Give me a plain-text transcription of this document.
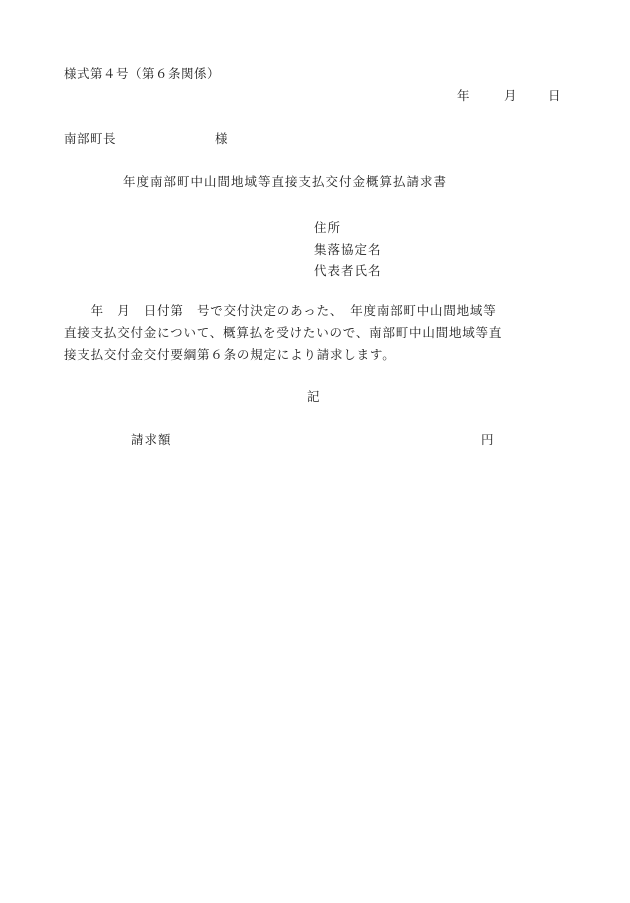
様式第４号（第６条関係）
年	月 日
南部町長	様
年度南部町中山間地域等直接支払交付金概算払請求書
住所
集落協定名
代表者氏名
　　年　月　日付第　号で交付決定のあった、　年度南部町中山間地域等
直接支払交付金について、概算払を受けたいので、南部町中山間地域等直
接支払交付金交付要綱第６条の規定により請求します。
記
請求額	円
